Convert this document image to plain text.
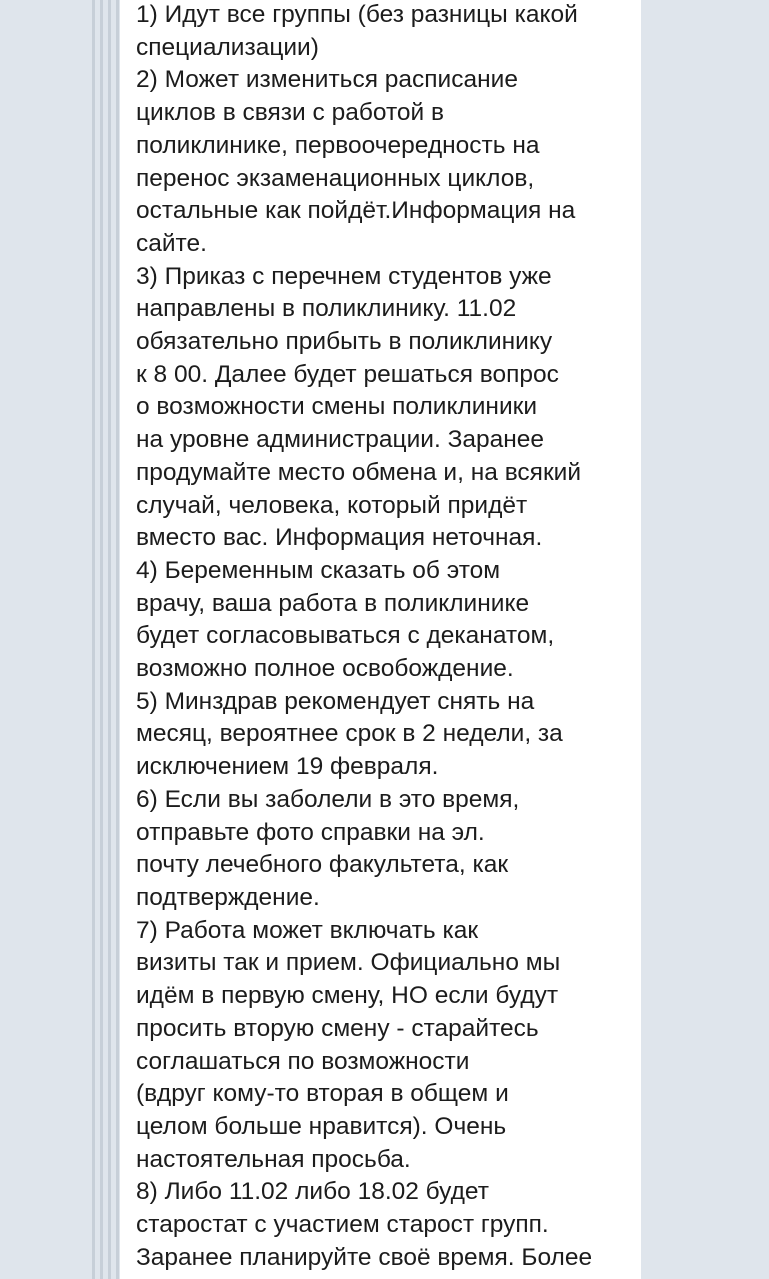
1) Идут все группы (без разницы какой
специализации)
2) Может измениться расписание
циклов в связи с работой в
поликлинике, первоочередность на
перенос экзаменационных циклов,
остальные как пойдёт.Информация на
сайте.
3) Приказ с перечнем студентов уже
направлены в поликлинику. 11.02
обязательно прибыть в поликлинику
к 8 00. Далее будет решаться вопрос
о возможности смены поликлиники
на уровне администрации. Заранее
продумайте место обмена и, на всякий
случай, человека, который придёт
вместо вас. Информация неточная.
4) Беременным сказать об этом
врачу, ваша работа в поликлинике
будет согласовываться с деканатом,
возможно полное освобождение.
5) Минздрав рекомендует снять на
месяц, вероятнее срок в 2 недели, за
исключением 19 февраля.
6) Если вы заболели в это время,
отправьте фото справки на эл.
почту лечебного факультета, как
подтверждение.
7) Работа может включать как
визиты так и прием. Официально мы
идём в первую смену, НО если будут
просить вторую смену - старайтесь
соглашаться по возможности
(вдруг кому-то вторая в общем и
целом больше нравится). Очень
настоятельная просьба.
8) Либо 11.02 либо 18.02 будет
старостат с участием старост групп.
Заранее планируйте своё время. Более
